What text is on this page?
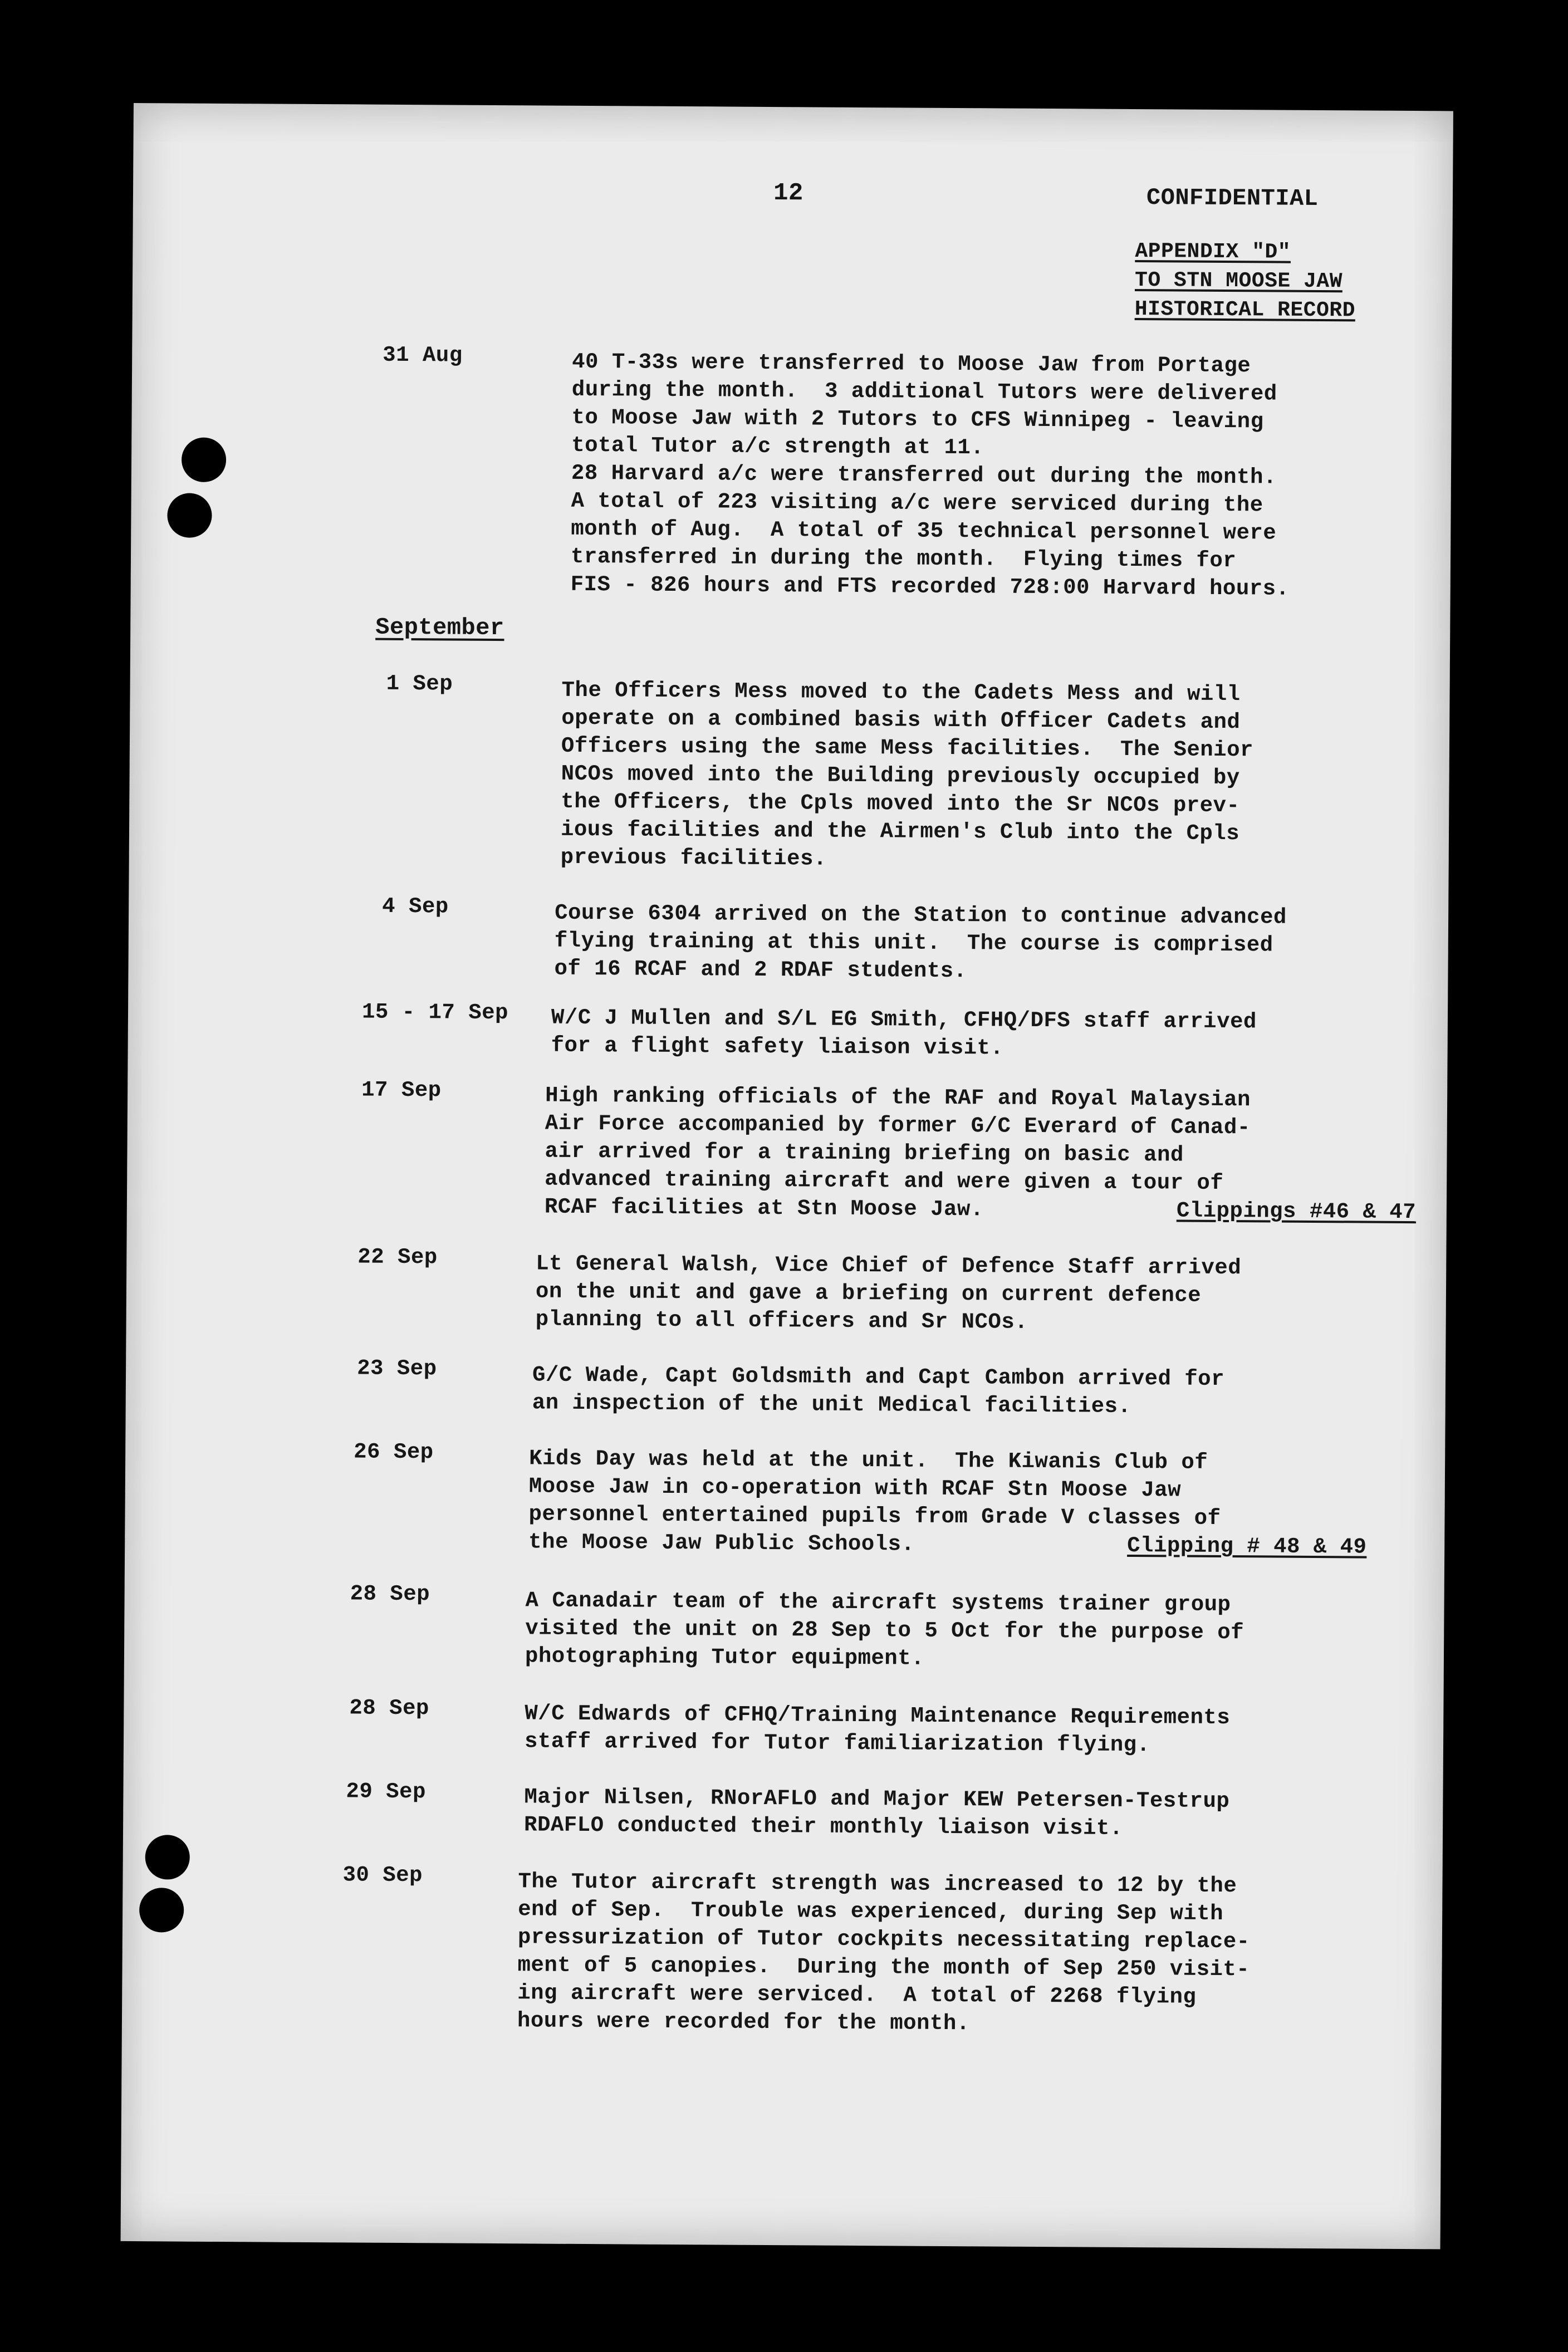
12	CONFIDENTIAL
APPENDIX "D"
TO STN MOOSE JAW
HISTORICAL RECORD
September
31 Aug	40 T-33s were transferred to Moose Jaw from Portage
during the month.  3 additional Tutors were delivered
to Moose Jaw with 2 Tutors to CFS Winnipeg - leaving
total Tutor a/c strength at 11.
28 Harvard a/c were transferred out during the month.
A total of 223 visiting a/c were serviced during the
month of Aug.  A total of 35 technical personnel were
transferred in during the month.  Flying times for
FIS - 826 hours and FTS recorded 728:00 Harvard hours.
1 Sep	The Officers Mess moved to the Cadets Mess and will
operate on a combined basis with Officer Cadets and
Officers using the same Mess facilities.  The Senior
NCOs moved into the Building previously occupied by
the Officers, the Cpls moved into the Sr NCOs prev-
ious facilities and the Airmen's Club into the Cpls
previous facilities.
4 Sep	Course 6304 arrived on the Station to continue advanced
flying training at this unit.  The course is comprised
of 16 RCAF and 2 RDAF students.
15 - 17 Sep W/C J Mullen and S/L EG Smith, CFHQ/DFS staff arrived
for a flight safety liaison visit.
17 Sep	High ranking officials of the RAF and Royal Malaysian
Air Force accompanied by former G/C Everard of Canad-
air arrived for a training briefing on basic and
advanced training aircraft and were given a tour of
RCAF facilities at Stn Moose Jaw.	Clippings #46 & 47
22 Sep	Lt General Walsh, Vice Chief of Defence Staff arrived
on the unit and gave a briefing on current defence
planning to all officers and Sr NCOs.
23 Sep	G/C Wade, Capt Goldsmith and Capt Cambon arrived for
an inspection of the unit Medical facilities.
26 Sep	Kids Day was held at the unit.  The Kiwanis Club of
Moose Jaw in co-operation with RCAF Stn Moose Jaw
personnel entertained pupils from Grade V classes of
the Moose Jaw Public Schools.	Clipping # 48 & 49
28 Sep	A Canadair team of the aircraft systems trainer group
visited the unit on 28 Sep to 5 Oct for the purpose of
photographing Tutor equipment.
28 Sep	W/C Edwards of CFHQ/Training Maintenance Requirements
staff arrived for Tutor familiarization flying.
29 Sep	Major Nilsen, RNorAFLO and Major KEW Petersen-Testrup
RDAFLO conducted their monthly liaison visit.
30 Sep	The Tutor aircraft strength was increased to 12 by the
end of Sep.  Trouble was experienced, during Sep with
pressurization of Tutor cockpits necessitating replace-
ment of 5 canopies.  During the month of Sep 250 visit-
ing aircraft were serviced.  A total of 2268 flying
hours were recorded for the month.
